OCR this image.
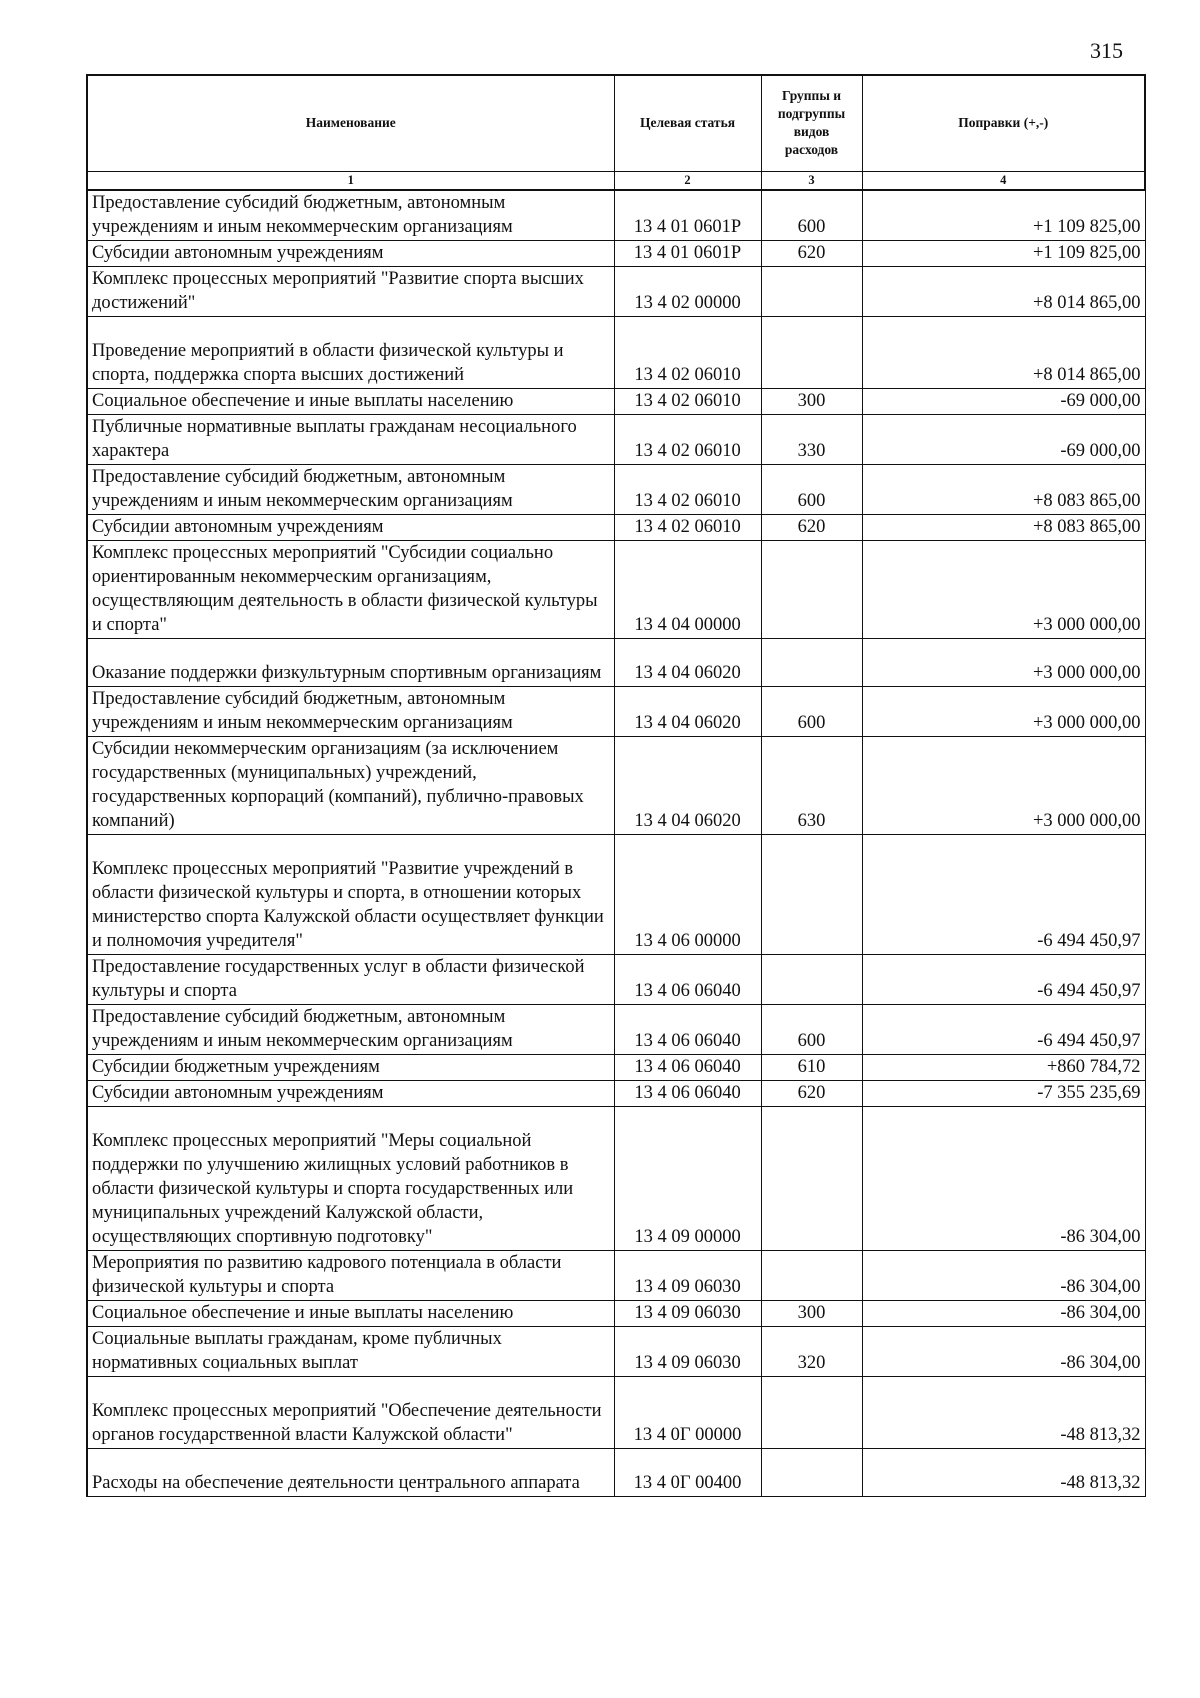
315
Наименование	Целевая статья	Группы и подгруппы видов расходов	Поправки (+,-)
1	2	3	4
Предоставление субсидий бюджетным, автономным учреждениям и иным некоммерческим организациям	13 4 01 0601P	600	+1 109 825,00
Субсидии автономным учреждениям	13 4 01 0601P	620	+1 109 825,00
Комплекс процессных мероприятий "Развитие спорта высших достижений"	13 4 02 00000		+8 014 865,00
Проведение мероприятий в области физической культуры и спорта, поддержка спорта высших достижений	13 4 02 06010		+8 014 865,00
Социальное обеспечение и иные выплаты населению	13 4 02 06010	300	-69 000,00
Публичные нормативные выплаты гражданам несоциального характера	13 4 02 06010	330	-69 000,00
Предоставление субсидий бюджетным, автономным учреждениям и иным некоммерческим организациям	13 4 02 06010	600	+8 083 865,00
Субсидии автономным учреждениям	13 4 02 06010	620	+8 083 865,00
Комплекс процессных мероприятий "Субсидии социально ориентированным некоммерческим организациям, осуществляющим деятельность в области физической культуры и спорта"	13 4 04 00000		+3 000 000,00
Оказание поддержки физкультурным спортивным организациям	13 4 04 06020		+3 000 000,00
Предоставление субсидий бюджетным, автономным учреждениям и иным некоммерческим организациям	13 4 04 06020	600	+3 000 000,00
Субсидии некоммерческим организациям (за исключением государственных (муниципальных) учреждений, государственных корпораций (компаний), публично-правовых компаний)	13 4 04 06020	630	+3 000 000,00
Комплекс процессных мероприятий "Развитие учреждений в области физической культуры и спорта, в отношении которых министерство спорта Калужской области осуществляет функции и полномочия учредителя"	13 4 06 00000		-6 494 450,97
Предоставление государственных услуг в области физической культуры и спорта	13 4 06 06040		-6 494 450,97
Предоставление субсидий бюджетным, автономным учреждениям и иным некоммерческим организациям	13 4 06 06040	600	-6 494 450,97
Субсидии бюджетным учреждениям	13 4 06 06040	610	+860 784,72
Субсидии автономным учреждениям	13 4 06 06040	620	-7 355 235,69
Комплекс процессных мероприятий "Меры социальной поддержки по улучшению жилищных условий работников в области физической культуры и спорта государственных или муниципальных учреждений Калужской области, осуществляющих спортивную подготовку"	13 4 09 00000		-86 304,00
Мероприятия по развитию кадрового потенциала в области физической культуры и спорта	13 4 09 06030		-86 304,00
Социальное обеспечение и иные выплаты населению	13 4 09 06030	300	-86 304,00
Социальные выплаты гражданам, кроме публичных нормативных социальных выплат	13 4 09 06030	320	-86 304,00
Комплекс процессных мероприятий "Обеспечение деятельности органов государственной власти Калужской области"	13 4 0Г 00000		-48 813,32
Расходы на обеспечение деятельности центрального аппарата	13 4 0Г 00400		-48 813,32
